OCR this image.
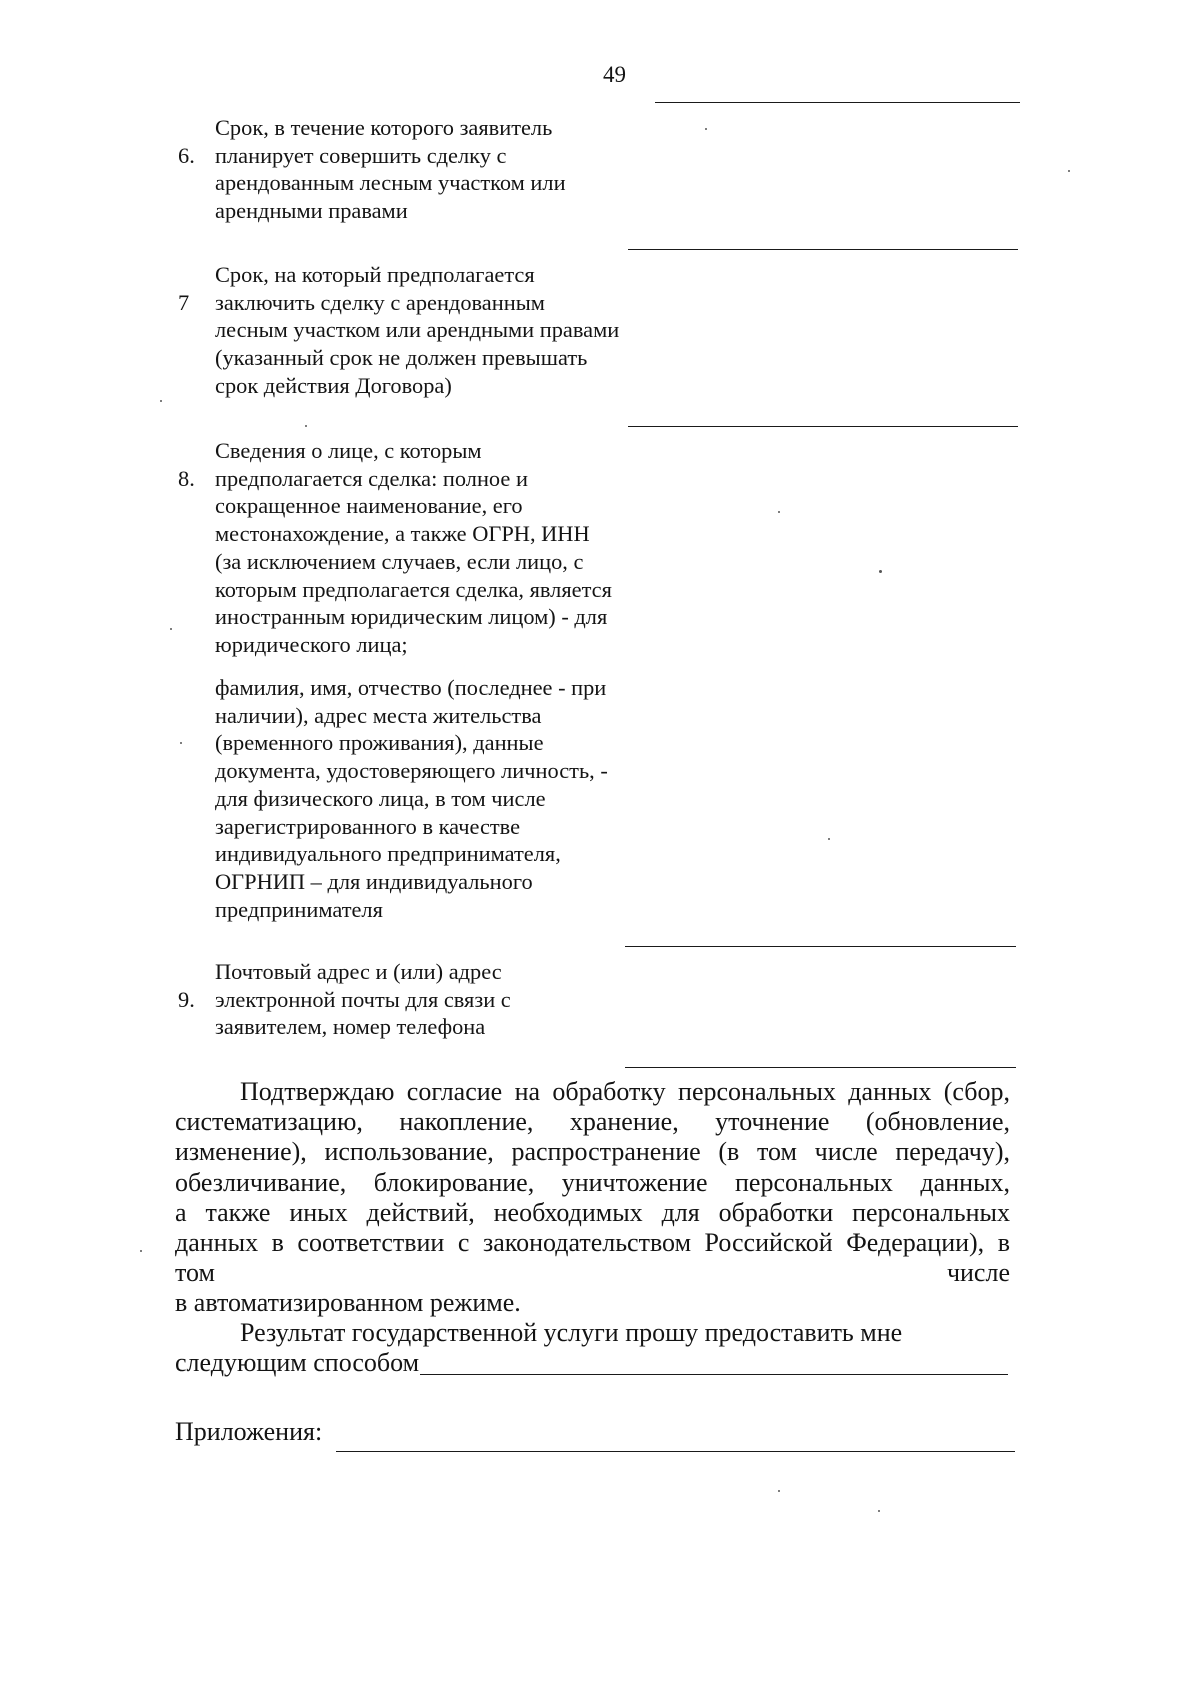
49
6.
Срок, в течение которого заявитель
планирует совершить сделку с
арендованным лесным участком или
арендными правами
7
Срок, на который предполагается
заключить сделку с арендованным
лесным участком или арендными правами
(указанный срок не должен превышать
срок действия Договора)
8.
Сведения о лице, с которым
предполагается сделка: полное и
сокращенное наименование, его
местонахождение, а также ОГРН, ИНН
(за исключением случаев, если лицо, с
которым предполагается сделка, является
иностранным юридическим лицом) - для
юридического лица;
фамилия, имя, отчество (последнее - при
наличии), адрес места жительства
(временного проживания), данные
документа, удостоверяющего личность, -
для физического лица, в том числе
зарегистрированного в качестве
индивидуального предпринимателя,
ОГРНИП – для индивидуального
предпринимателя
9.
Почтовый адрес и (или) адрес
электронной почты для связи с
заявителем, номер телефона
Подтверждаю согласие на обработку персональных данных (сбор,
систематизацию, накопление, хранение, уточнение (обновление,
изменение), использование, распространение (в том числе передачу),
обезличивание, блокирование, уничтожение персональных данных,
а также иных действий, необходимых для обработки персональных
данных в соответствии с законодательством Российской Федерации), в
том числе
в автоматизированном режиме.
Результат государственной услуги прошу предоставить мне
следующим способом
Приложения:
